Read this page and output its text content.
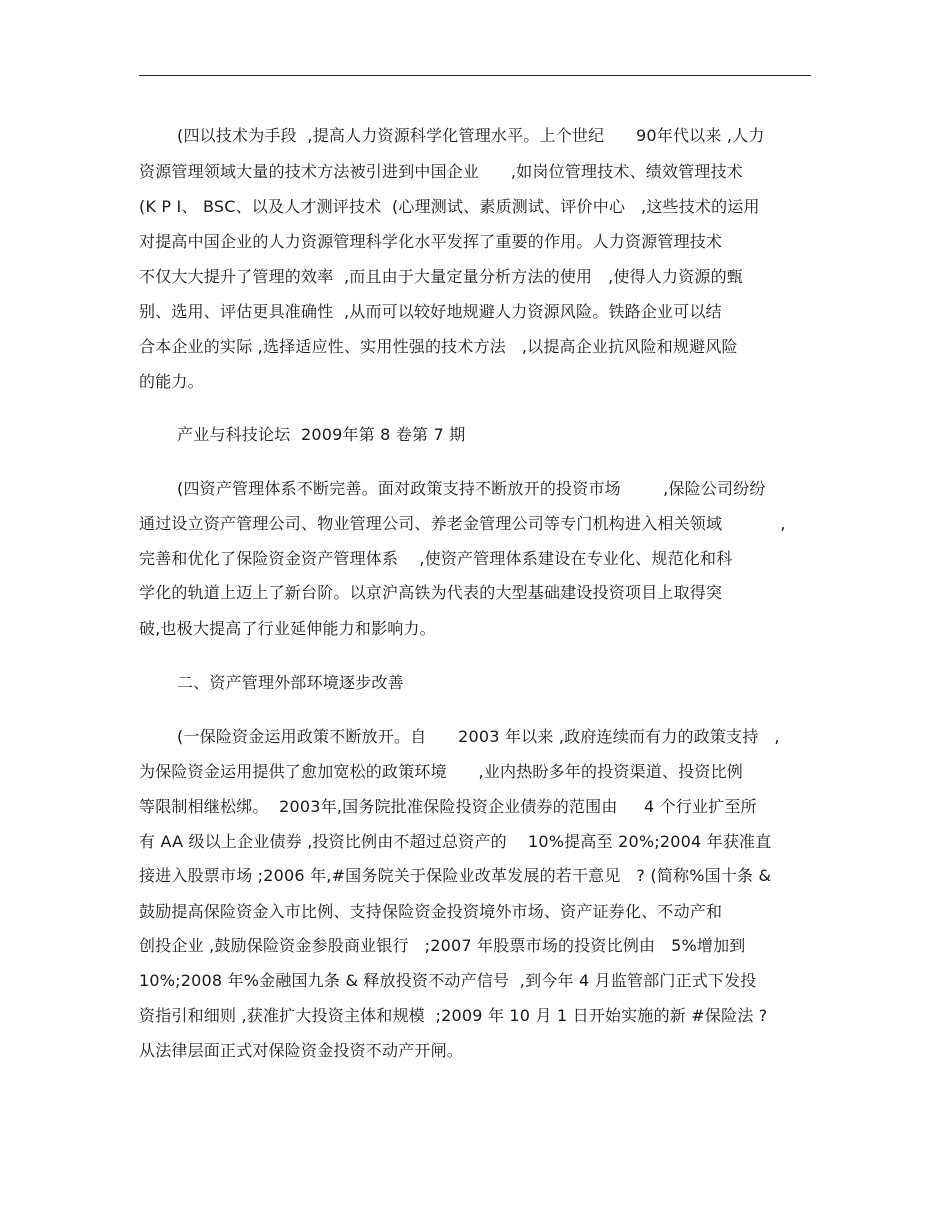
(四以技术为手段  ,提高人力资源科学化管理水平。上个世纪      90年代以来 ,人力
资源管理领域大量的技术方法被引进到中国企业      ,如岗位管理技术、绩效管理技术
(K P I、 BSC、以及人才测评技术  (心理测试、素质测试、评价中心   ,这些技术的运用
对提高中国企业的人力资源管理科学化水平发挥了重要的作用。人力资源管理技术
不仅大大提升了管理的效率  ,而且由于大量定量分析方法的使用   ,使得人力资源的甄
别、选用、评估更具准确性  ,从而可以较好地规避人力资源风险。铁路企业可以结
合本企业的实际 ,选择适应性、实用性强的技术方法   ,以提高企业抗风险和规避风险
的能力。
产业与科技论坛  2009年第 8 卷第 7 期
(四资产管理体系不断完善。面对政策支持不断放开的投资市场        ,保险公司纷纷
通过设立资产管理公司、物业管理公司、养老金管理公司等专门机构进入相关领域           ,
完善和优化了保险资金资产管理体系    ,使资产管理体系建设在专业化、规范化和科
学化的轨道上迈上了新台阶。以京沪高铁为代表的大型基础建设投资项目上取得突
破,也极大提高了行业延伸能力和影响力。
二、资产管理外部环境逐步改善
(一保险资金运用政策不断放开。自      2003 年以来 ,政府连续而有力的政策支持   ,
为保险资金运用提供了愈加宽松的政策环境      ,业内热盼多年的投资渠道、投资比例
等限制相继松绑。  2003年,国务院批准保险投资企业债券的范围由     4 个行业扩至所
有 AA 级以上企业债券 ,投资比例由不超过总资产的    10%提高至 20%;2004 年获准直
接进入股票市场 ;2006 年,#国务院关于保险业改革发展的若干意见   ? (简称%国十条 &
鼓励提高保险资金入市比例、支持保险资金投资境外市场、资产证券化、不动产和
创投企业 ,鼓励保险资金参股商业银行   ;2007 年股票市场的投资比例由   5%增加到
10%;2008 年%金融国九条 & 释放投资不动产信号  ,到今年 4 月监管部门正式下发投
资指引和细则 ,获准扩大投资主体和规模  ;2009 年 10 月 1 日开始实施的新 #保险法 ?
从法律层面正式对保险资金投资不动产开闸。
